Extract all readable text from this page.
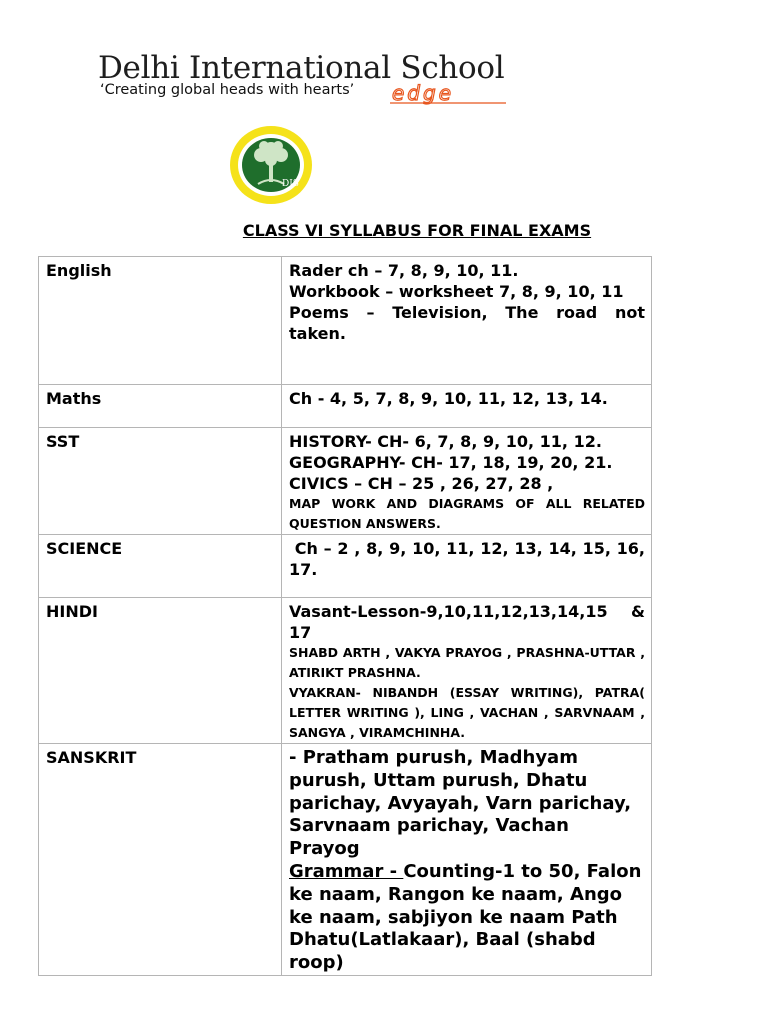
Delhi International School
‘Creating global heads with hearts’ edge
DIS
CLASS VI SYLLABUS FOR FINAL EXAMS
English	Rader ch – 7, 8, 9, 10, 11.
Workbook – worksheet 7, 8, 9, 10, 11
Poems – Television, The road not taken.

Maths	Ch - 4, 5, 7, 8, 9, 10, 11, 12, 13, 14.

SST	HISTORY- CH- 6, 7, 8, 9, 10, 11, 12.
GEOGRAPHY- CH- 17, 18, 19, 20, 21.
CIVICS – CH – 25 , 26, 27, 28 ,
MAP WORK AND DIAGRAMS OF ALL RELATED QUESTION ANSWERS.

SCIENCE	Ch – 2 , 8, 9, 10, 11, 12, 13, 14, 15, 16, 17.

HINDI	Vasant-Lesson-9,10,11,12,13,14,15 & 17
SHABD ARTH , VAKYA PRAYOG , PRASHNA-UTTAR , ATIRIKT PRASHNA.
VYAKRAN- NIBANDH (ESSAY WRITING), PATRA( LETTER WRITING ), LING , VACHAN , SARVNAAM , SANGYA , VIRAMCHINHA.

SANSKRIT	- Pratham purush, Madhyam purush, Uttam purush, Dhatu parichay, Avyayah, Varn parichay, Sarvnaam parichay, Vachan Prayog
Grammar - Counting-1 to 50, Falon ke naam, Rangon ke naam, Ango ke naam, sabjiyon ke naam Path Dhatu(Latlakaar), Baal (shabd roop)
